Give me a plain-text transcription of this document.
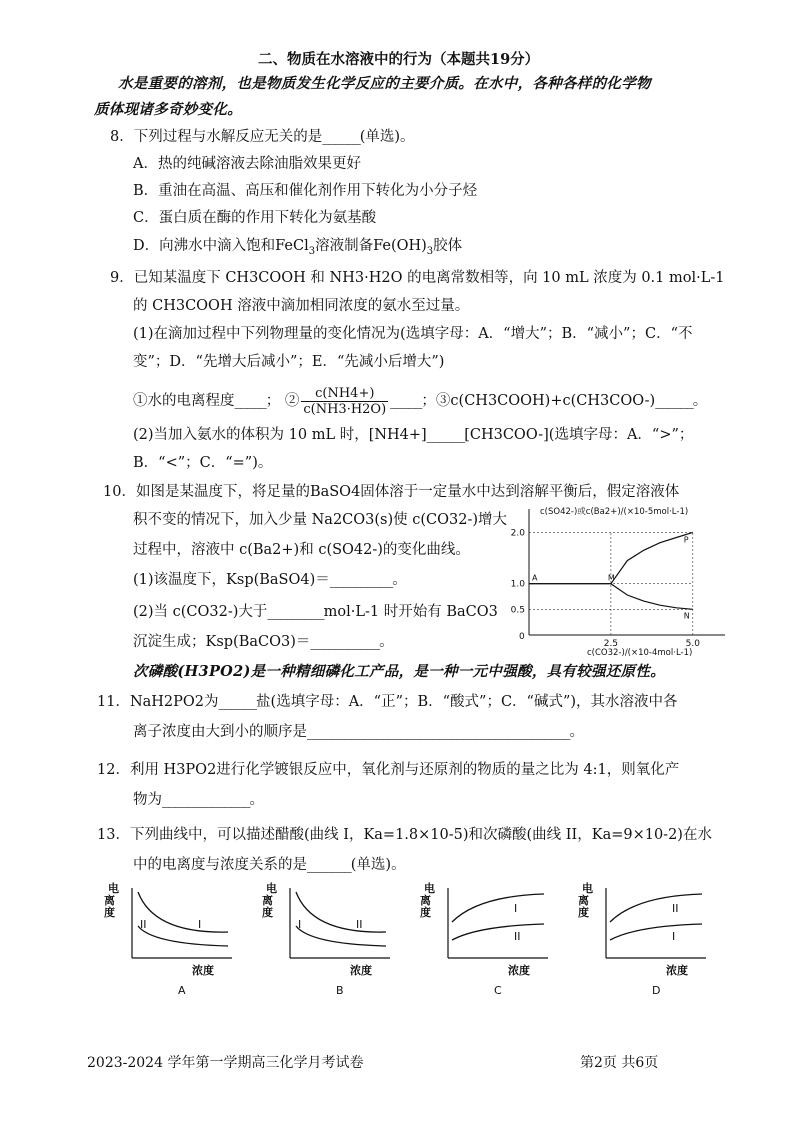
二、物质在水溶液中的行为（本题共19分）
水是重要的溶剂，也是物质发生化学反应的主要介质。在水中，各种各样的化学物
质体现诸多奇妙变化。
8．下列过程与水解反应无关的是______(单选)。
A．热的纯碱溶液去除油脂效果更好
B．重油在高温、高压和催化剂作用下转化为小分子烃
C．蛋白质在酶的作用下转化为氨基酸
D．向沸水中滴入饱和FeCl$_3$溶液制备$Fe(OH)_3$胶体
9．已知某温度下 CH3COOH 和 NH3·H2O 的电离常数相等，向 10 mL 浓度为 0.1 mol·L-1
的 CH3COOH 溶液中滴加相同浓度的氨水至过量。
(1)在滴加过程中下列物理量的变化情况为(选填字母：A．“增大”；B．“减小”；C．“不
变”；D．“先增大后减小”；E．“先减小后增大”)
①水的电离程度_____； ② $\frac{c(NH4+)}{c(NH3\cdot H2O)}$ _____；③c(CH3COOH)+c(CH3COO-)______。
(2)当加入氨水的体积为 10 mL 时，[NH4+]______[CH3COO-](选填字母：A．“>”；
B．“<”；C．“=”)。
10．如图是某温度下，将足量的BaSO4固体溶于一定量水中达到溶解平衡后，假定溶液体
积不变的情况下，加入少量 Na2CO3(s)使 c(CO32-)增大
过程中，溶液中 c(Ba2+)和 c(SO42-)的变化曲线。
(1)该温度下，Ksp(BaSO4)＝__________。
(2)当 c(CO32-)大于_________mol·L-1 时开始有 BaCO3
沉淀生成；Ksp(BaCO3)＝___________。
c(SO42-)或c(Ba2+)/(×10-5mol·L-1)
c(CO32-)/(×10-4mol·L-1)
0
0.5
1.0
2.0
2.5	5.0
A	M
P
N
次磷酸(H3PO2)是一种精细磷化工产品，是一种一元中强酸，具有较强还原性。
11．NaH2PO2为______盐(选填字母：A．“正”；B．“酸式”；C．“碱式”)，其水溶液中各
离子浓度由大到小的顺序是__________________________________________。
12．利用 H3PO2进行化学镀银反应中，氧化剂与还原剂的物质的量之比为 4:1，则氧化产
物为______________。
13．下列曲线中，可以描述醋酸(曲线 I，Ka=1.8×10-5)和次磷酸(曲线 II，Ka=9×10-2)在水
中的电离度与浓度关系的是_______(单选)。
电离度
浓度
A
I
II
电离度
浓度
B
II
I
电离度
浓度
C
I
II
电离度
浓度
D
II
I
2023-2024 学年第一学期高三化学月考试卷	第2页 共6页
